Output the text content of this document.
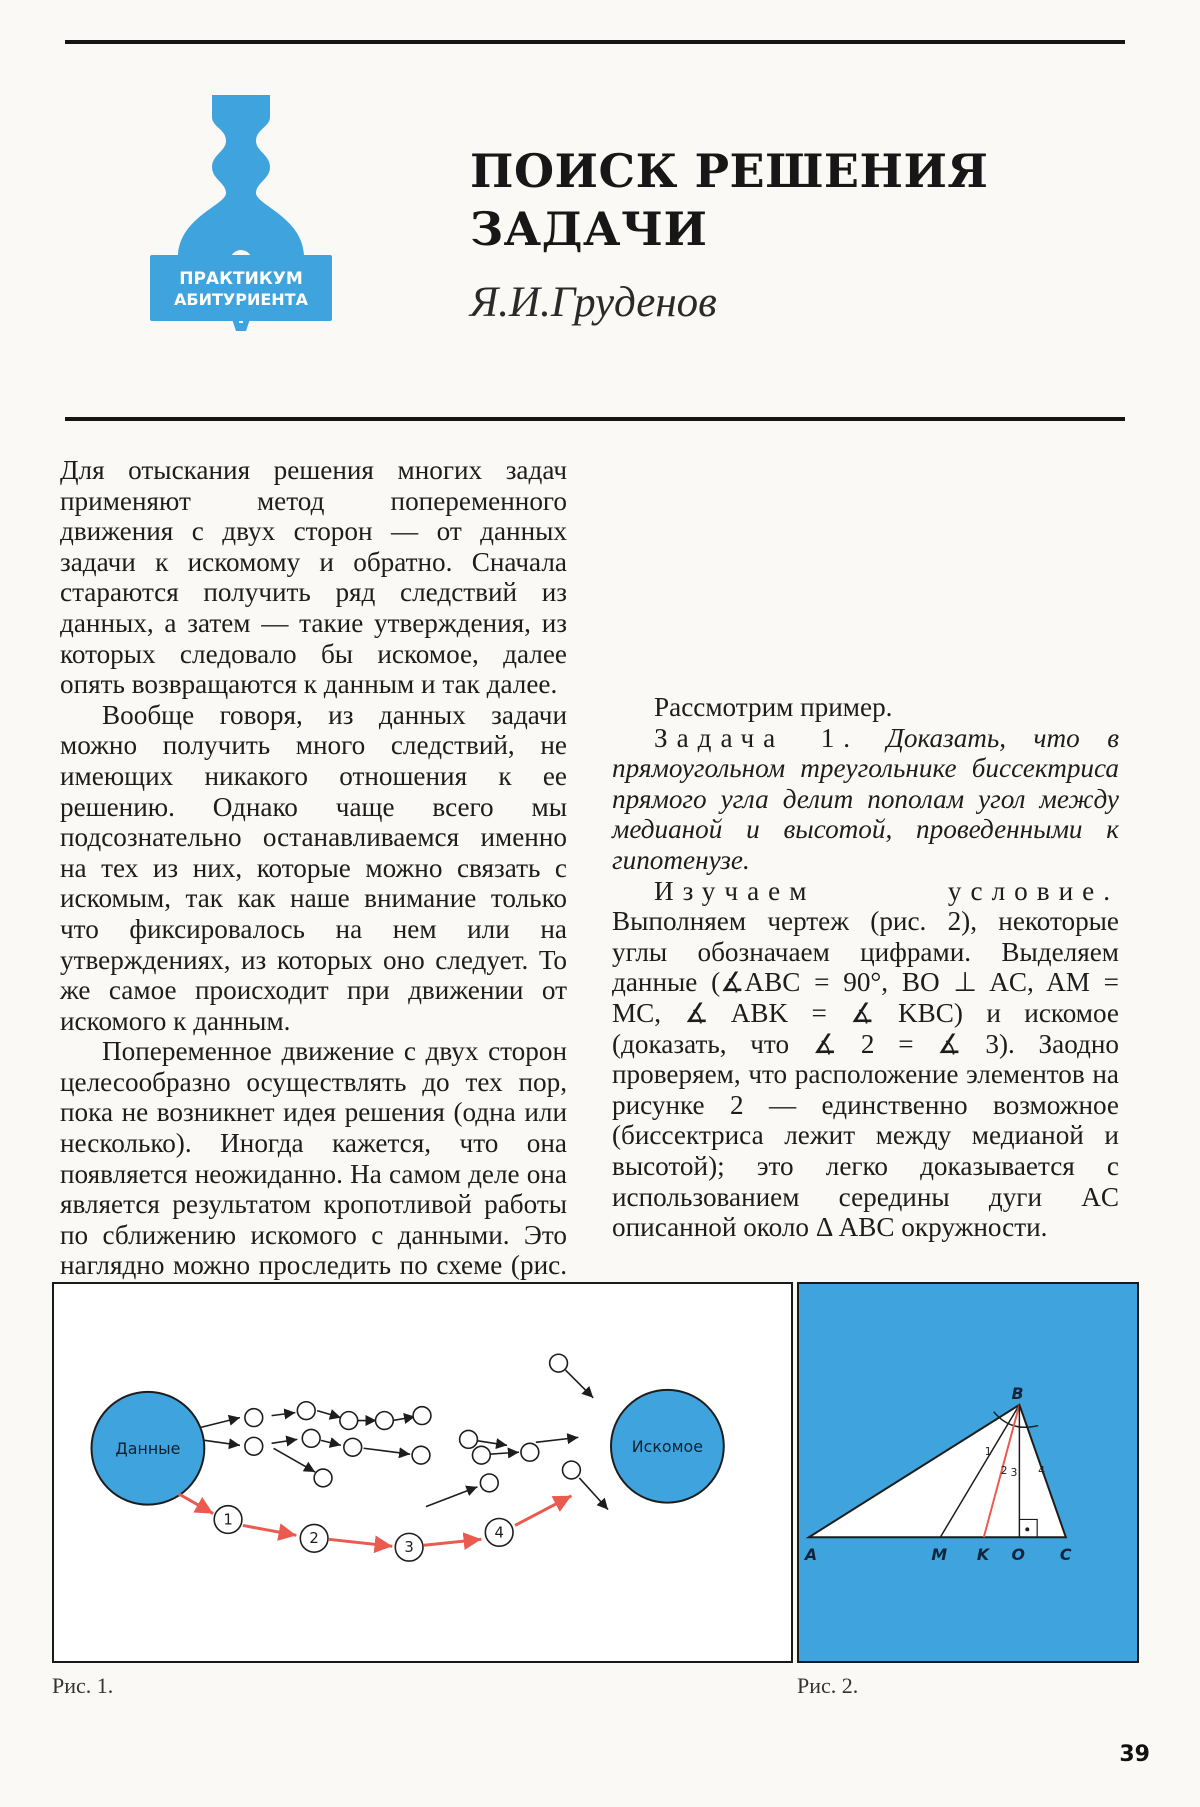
ПРАКТИКУМ
АБИТУРИЕНТА
ПОИСК РЕШЕНИЯ ЗАДАЧИ
Я.И.Груденов

Для отыскания решения многих задач применяют метод попеременного движения с двух сторон — от данных задачи к искомому и обратно. Сначала стараются получить ряд следствий из данных, а затем — такие утверждения, из которых следовало бы искомое, далее опять возвращаются к данным и так далее.

Вообще говоря, из данных задачи можно получить много следствий, не имеющих никакого отношения к ее решению. Однако чаще всего мы подсознательно останавливаемся именно на тех из них, которые можно связать с искомым, так как наше внимание только что фиксировалось на нем или на утверждениях, из которых оно следует. То же самое происходит при движении от искомого к данным.

Попеременное движение с двух сторон целесообразно осуществлять до тех пор, пока не возникнет идея решения (одна или несколько). Иногда кажется, что она появляется неожиданно. На самом деле она является результатом кропотливой работы по сближению искомого с данными. Это наглядно можно проследить по схеме (рис. 1), на которой путь решения проходит через утверждения 1, 2, 3 и 4.

Рассмотрим пример.

Задача 1. Доказать, что в прямоугольном треугольнике биссектриса прямого угла делит пополам угол между медианой и высотой, проведенными к гипотенузе.

Изучаем условие. Выполняем чертеж (рис. 2), некоторые углы обозначаем цифрами. Выделяем данные (∡ABC = 90°, BO ⊥ AC, AM = MC, ∡ ABK = ∡ KBC) и искомое (доказать, что ∡ 2 = ∡ 3). Заодно проверяем, что расположение элементов на рисунке 2 — единственно возможное (биссектриса лежит между медианой и высотой); это легко доказывается с использованием середины дуги AC описанной около Δ ABC окружности.

Данные	Искомое
1
2
3
4
A	M K O C
B
1
2 3 4
Рис. 1.	Рис. 2.
39
